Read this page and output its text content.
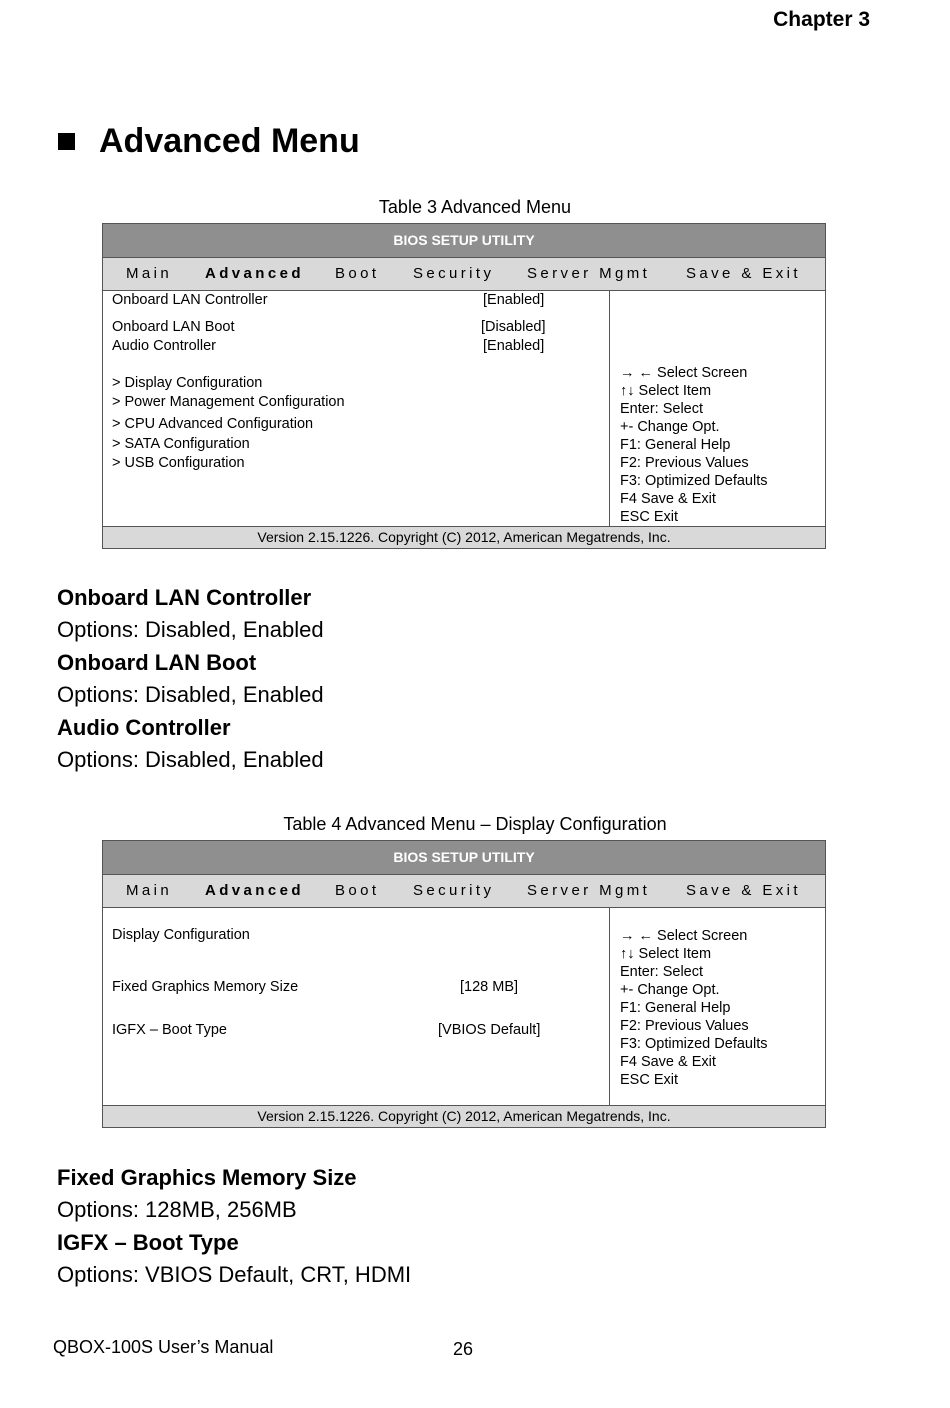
Chapter 3
Advanced Menu
Table 3 Advanced Menu
BIOS SETUP UTILITY
Main Advanced Boot Security Server Mgmt Save & Exit
Onboard LAN Controller	[Enabled]
Onboard LAN Boot	[Disabled]
Audio Controller	[Enabled]
> Display Configuration
> Power Management Configuration
> CPU Advanced Configuration
> SATA Configuration
> USB Configuration
→ ← Select Screen
↑↓ Select Item
Enter: Select
+- Change Opt.
F1: General Help
F2: Previous Values
F3: Optimized Defaults
F4 Save & Exit
ESC Exit
Version 2.15.1226. Copyright (C) 2012, American Megatrends, Inc.
Onboard LAN Controller
Options: Disabled, Enabled
Onboard LAN Boot
Options: Disabled, Enabled
Audio Controller
Options: Disabled, Enabled
Table 4 Advanced Menu – Display Configuration
BIOS SETUP UTILITY
Main Advanced Boot Security Server Mgmt Save & Exit
Display Configuration
Fixed Graphics Memory Size	[128 MB]
IGFX – Boot Type	[VBIOS Default]
→ ← Select Screen
↑↓ Select Item
Enter: Select
+- Change Opt.
F1: General Help
F2: Previous Values
F3: Optimized Defaults
F4 Save & Exit
ESC Exit
Version 2.15.1226. Copyright (C) 2012, American Megatrends, Inc.
Fixed Graphics Memory Size
Options: 128MB, 256MB
IGFX – Boot Type
Options: VBIOS Default, CRT, HDMI
QBOX-100S User’s Manual	26
